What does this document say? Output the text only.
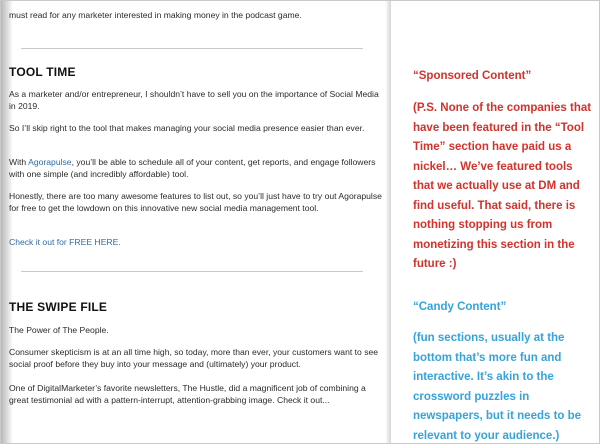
must read for any marketer interested in making money in the podcast game.

TOOL TIME

As a marketer and/or entrepreneur, I shouldn’t have to sell you on the importance of Social Media in 2019.

So I’ll skip right to the tool that makes managing your social media presence easier than ever.

With Agorapulse, you’ll be able to schedule all of your content, get reports, and engage followers with one simple (and incredibly affordable) tool.

Honestly, there are too many awesome features to list out, so you’ll just have to try out Agorapulse for free to get the lowdown on this innovative new social media management tool.

Check it out for FREE HERE.

THE SWIPE FILE

The Power of The People.

Consumer skepticism is at an all time high, so today, more than ever, your customers want to see social proof before they buy into your message and (ultimately) your product.

One of DigitalMarketer’s favorite newsletters, The Hustle, did a magnificent job of combining a great testimonial ad with a pattern-interrupt, attention-grabbing image. Check it out...

“Sponsored Content”
(P.S. None of the companies that have been featured in the “Tool Time” section have paid us a nickel… We’ve featured tools that we actually use at DM and find useful. That said, there is nothing stopping us from monetizing this section in the future :)
“Candy Content”
(fun sections, usually at the bottom that’s more fun and interactive. It’s akin to the crossword puzzles in newspapers, but it needs to be relevant to your audience.)
